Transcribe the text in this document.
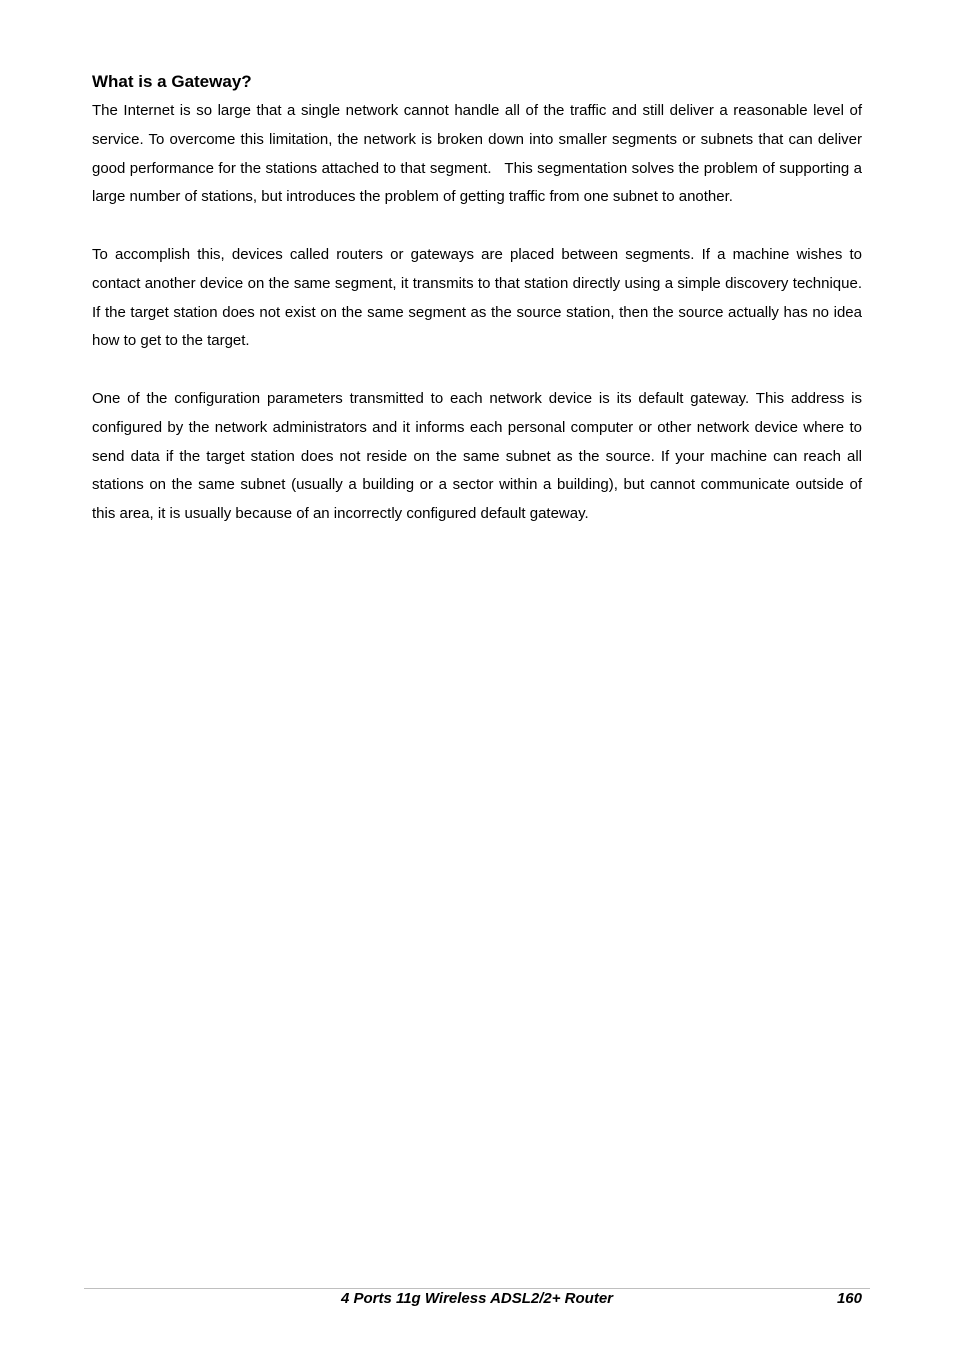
What is a Gateway?

The Internet is so large that a single network cannot handle all of the traffic and still deliver a reasonable level of service. To overcome this limitation, the network is broken down into smaller segments or subnets that can deliver good performance for the stations attached to that segment.   This segmentation solves the problem of supporting a large number of stations, but introduces the problem of getting traffic from one subnet to another.

To accomplish this, devices called routers or gateways are placed between segments. If a machine wishes to contact another device on the same segment, it transmits to that station directly using a simple discovery technique. If the target station does not exist on the same segment as the source station, then the source actually has no idea how to get to the target.

One of the configuration parameters transmitted to each network device is its default gateway. This address is configured by the network administrators and it informs each personal computer or other network device where to send data if the target station does not reside on the same subnet as the source. If your machine can reach all stations on the same subnet (usually a building or a sector within a building), but cannot communicate outside of this area, it is usually because of an incorrectly configured default gateway.

4 Ports 11g Wireless ADSL2/2+ Router	160
